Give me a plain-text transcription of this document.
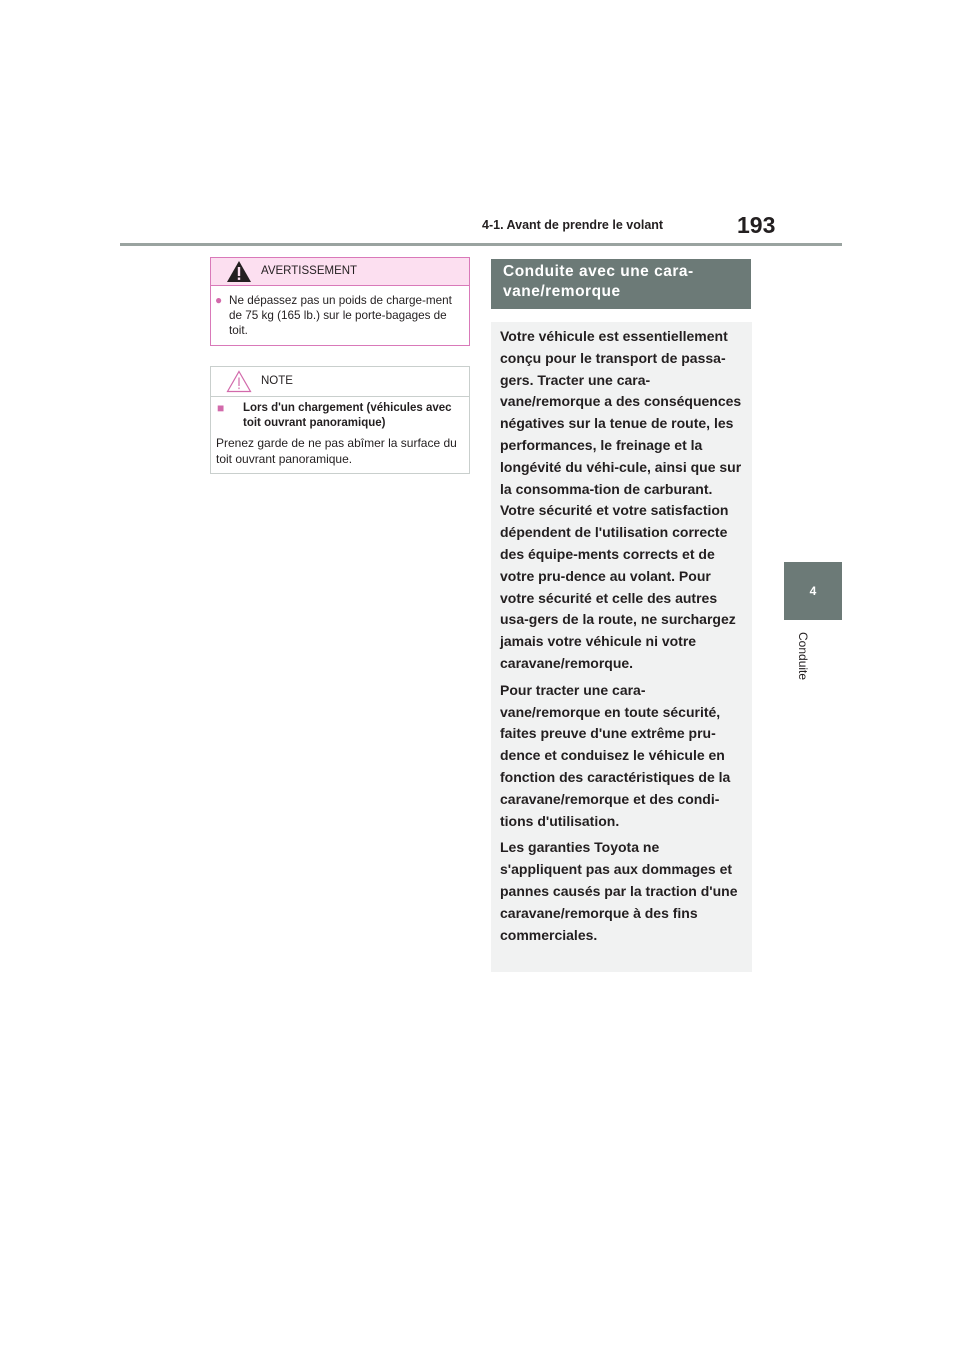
4-1. Avant de prendre le volant	193
4
Conduite
AVERTISSEMENT
● Ne dépassez pas un poids de charge-ment de 75 kg (165 lb.) sur le porte-bagages de toit.
NOTE
■ Lors d'un chargement (véhicules avec toit ouvrant panoramique)
Prenez garde de ne pas abîmer la surface du toit ouvrant panoramique.
Conduite avec une cara-vane/remorque

Votre véhicule est essentiellement conçu pour le transport de passa-gers. Tracter une cara-vane/remorque a des conséquences négatives sur la tenue de route, les performances, le freinage et la longévité du véhi-cule, ainsi que sur la consomma-tion de carburant. Votre sécurité et votre satisfaction dépendent de l'utilisation correcte des équipe-ments corrects et de votre pru-dence au volant. Pour votre sécurité et celle des autres usa-gers de la route, ne surchargez jamais votre véhicule ni votre caravane/remorque.

Pour tracter une cara-vane/remorque en toute sécurité, faites preuve d'une extrême pru-dence et conduisez le véhicule en fonction des caractéristiques de la caravane/remorque et des condi-tions d'utilisation.

Les garanties Toyota ne s'appliquent pas aux dommages et pannes causés par la traction d'une caravane/remorque à des fins commerciales.
